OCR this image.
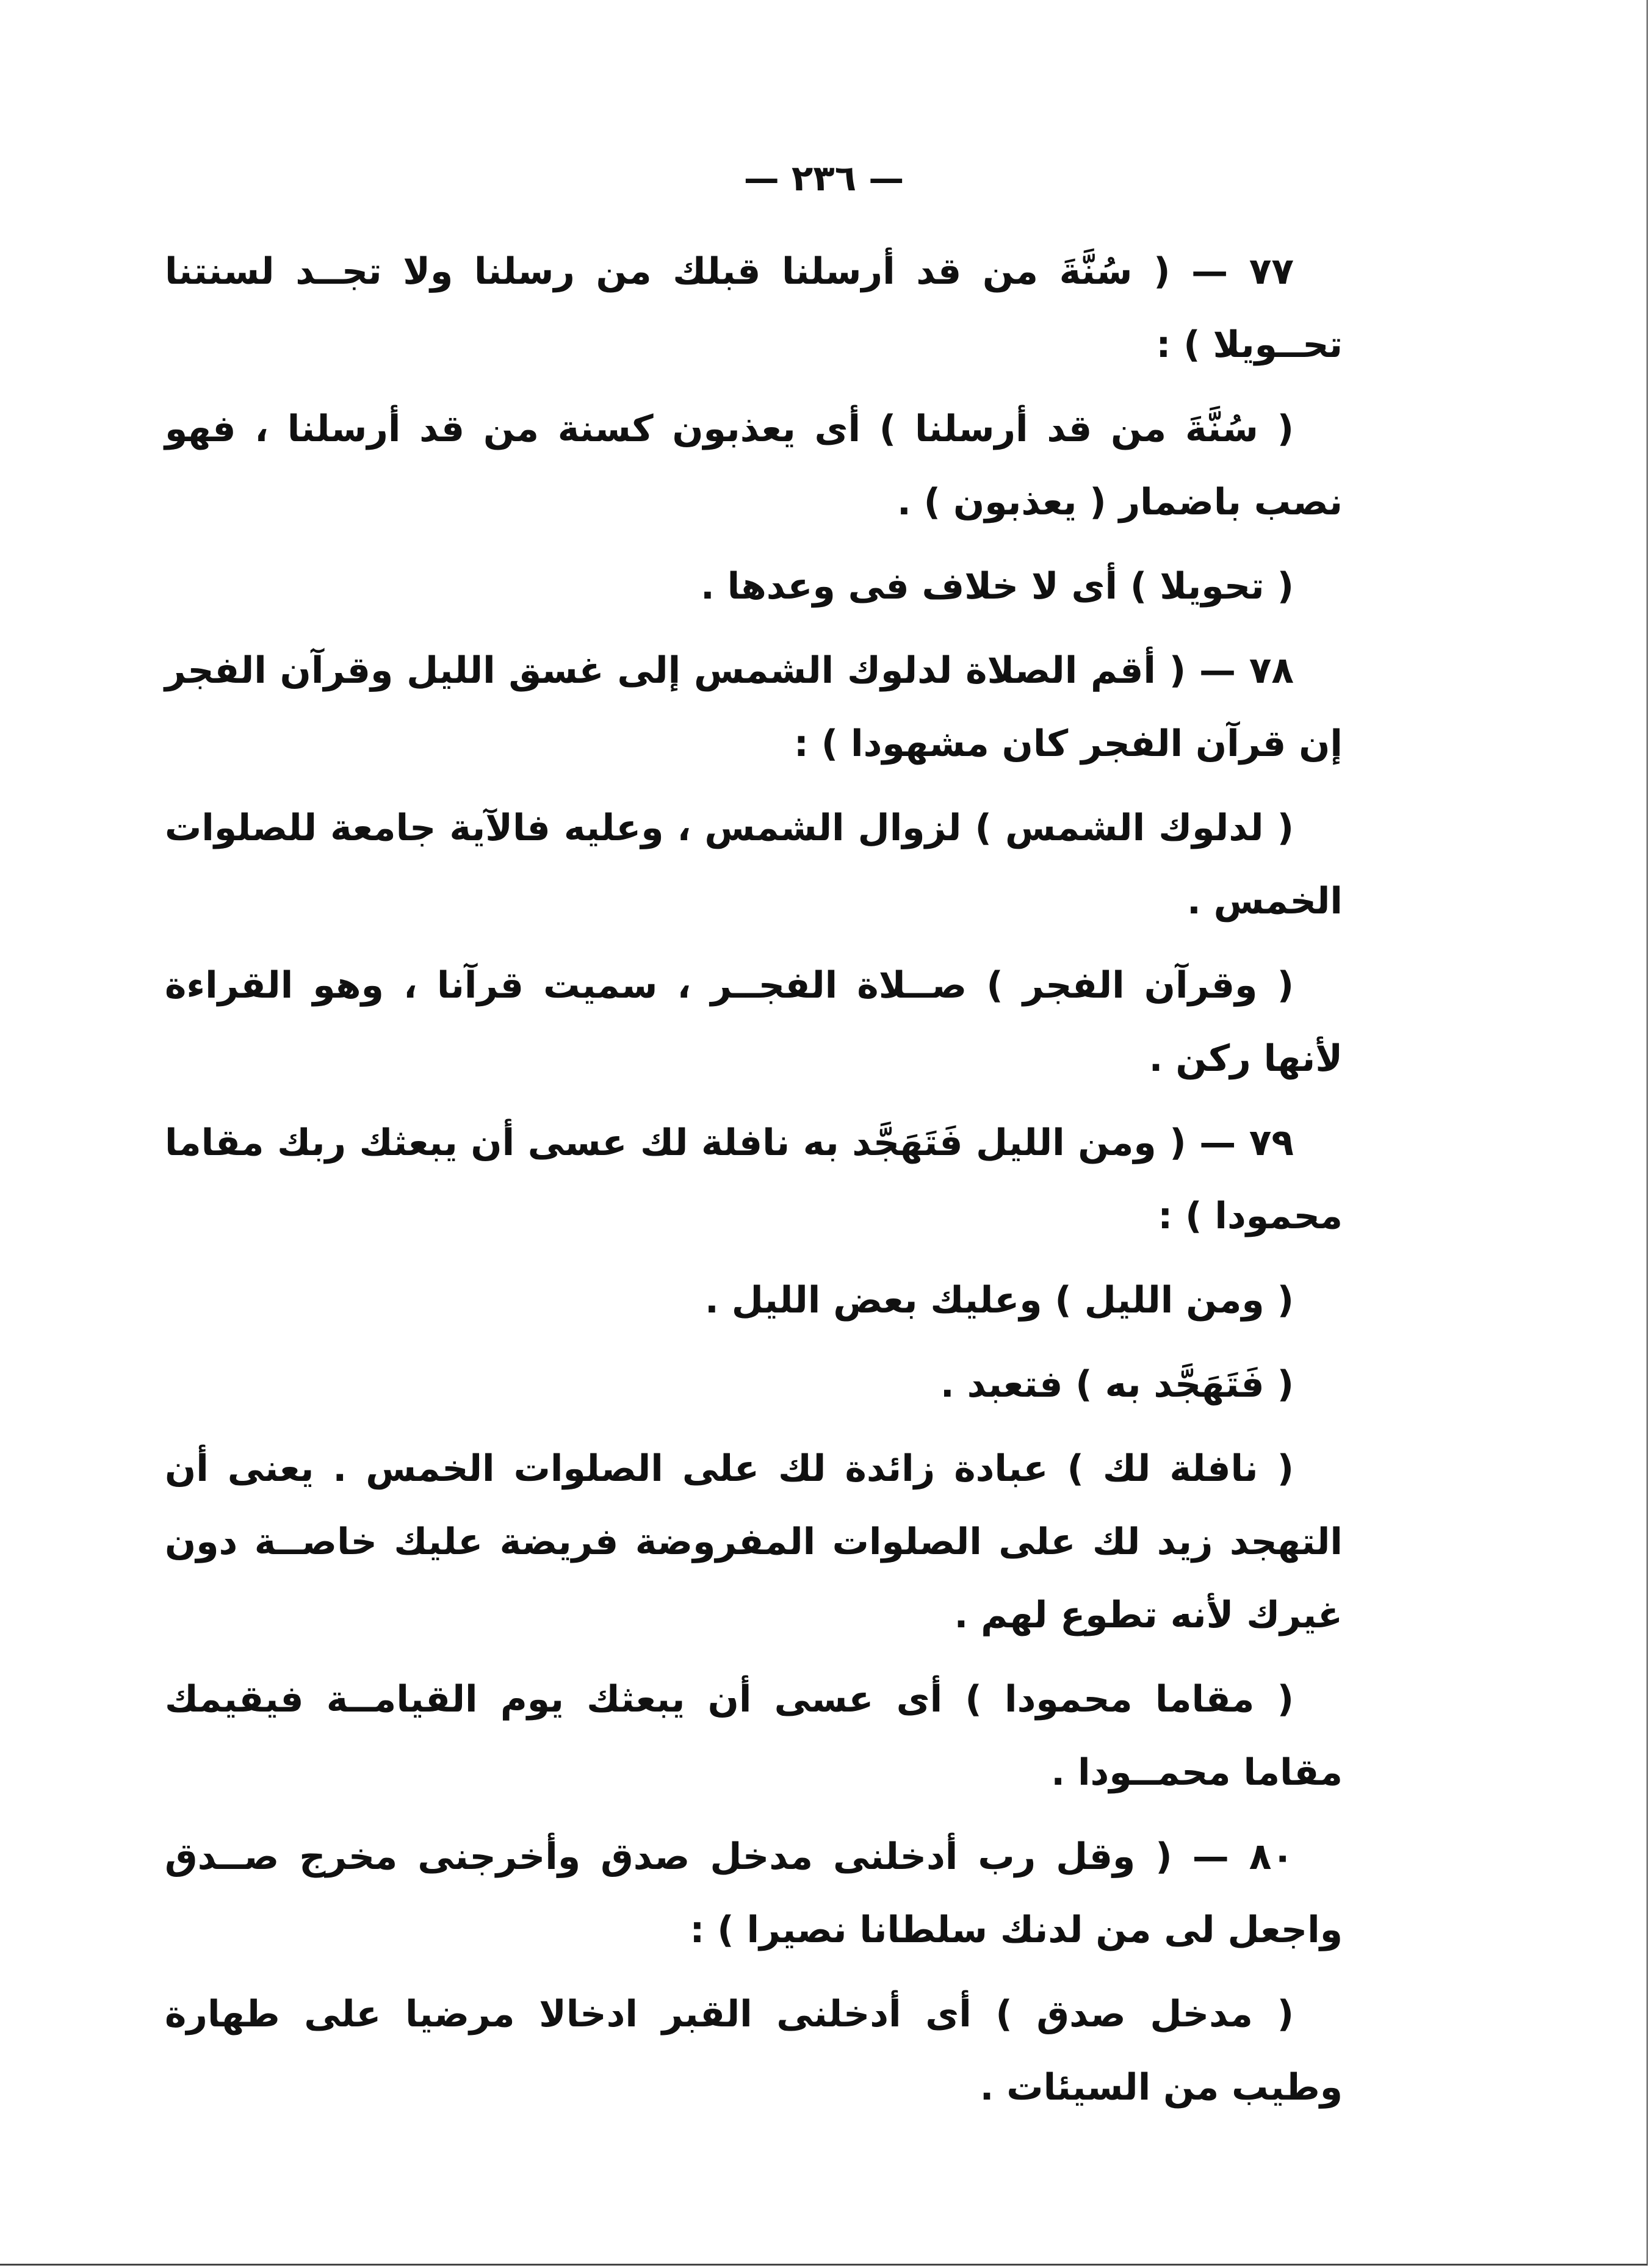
— ٢٣٦ —

٧٧ — ( سُنَّةَ من قد أرسلنا قبلك من رسلنا ولا تجــد لسنتنا تحــويلا ) :

( سُنَّةَ من قد أرسلنا ) أى يعذبون كسنة من قد أرسلنا ، فهو نصب باضمار ( يعذبون ) .

( تحويلا ) أى لا خلاف فى وعدها .

٧٨ — ( أقم الصلاة لدلوك الشمس إلى غسق الليل وقرآن الفجر إن قرآن الفجر كان مشهودا ) :

( لدلوك الشمس ) لزوال الشمس ، وعليه فالآية جامعة للصلوات الخمس .

( وقرآن الفجر ) صــلاة الفجــر ، سميت قرآنا ، وهو القراءة لأنها ركن .

٧٩ — ( ومن الليل فَتَهَجَّد به نافلة لك عسى أن يبعثك ربك مقاما محمودا ) :

( ومن الليل ) وعليك بعض الليل .

( فَتَهَجَّد به ) فتعبد .

( نافلة لك ) عبادة زائدة لك على الصلوات الخمس . يعنى أن التهجد زيد لك على الصلوات المفروضة فريضة عليك خاصــة دون غيرك لأنه تطوع لهم .

( مقاما محمودا ) أى عسى أن يبعثك يوم القيامــة فيقيمك مقاما محمــودا .

٨٠ — ( وقل رب أدخلنى مدخل صدق وأخرجنى مخرج صــدق واجعل لى من لدنك سلطانا نصيرا ) :

( مدخل صدق ) أى أدخلنى القبر ادخالا مرضيا على طهارة وطيب من السيئات .
